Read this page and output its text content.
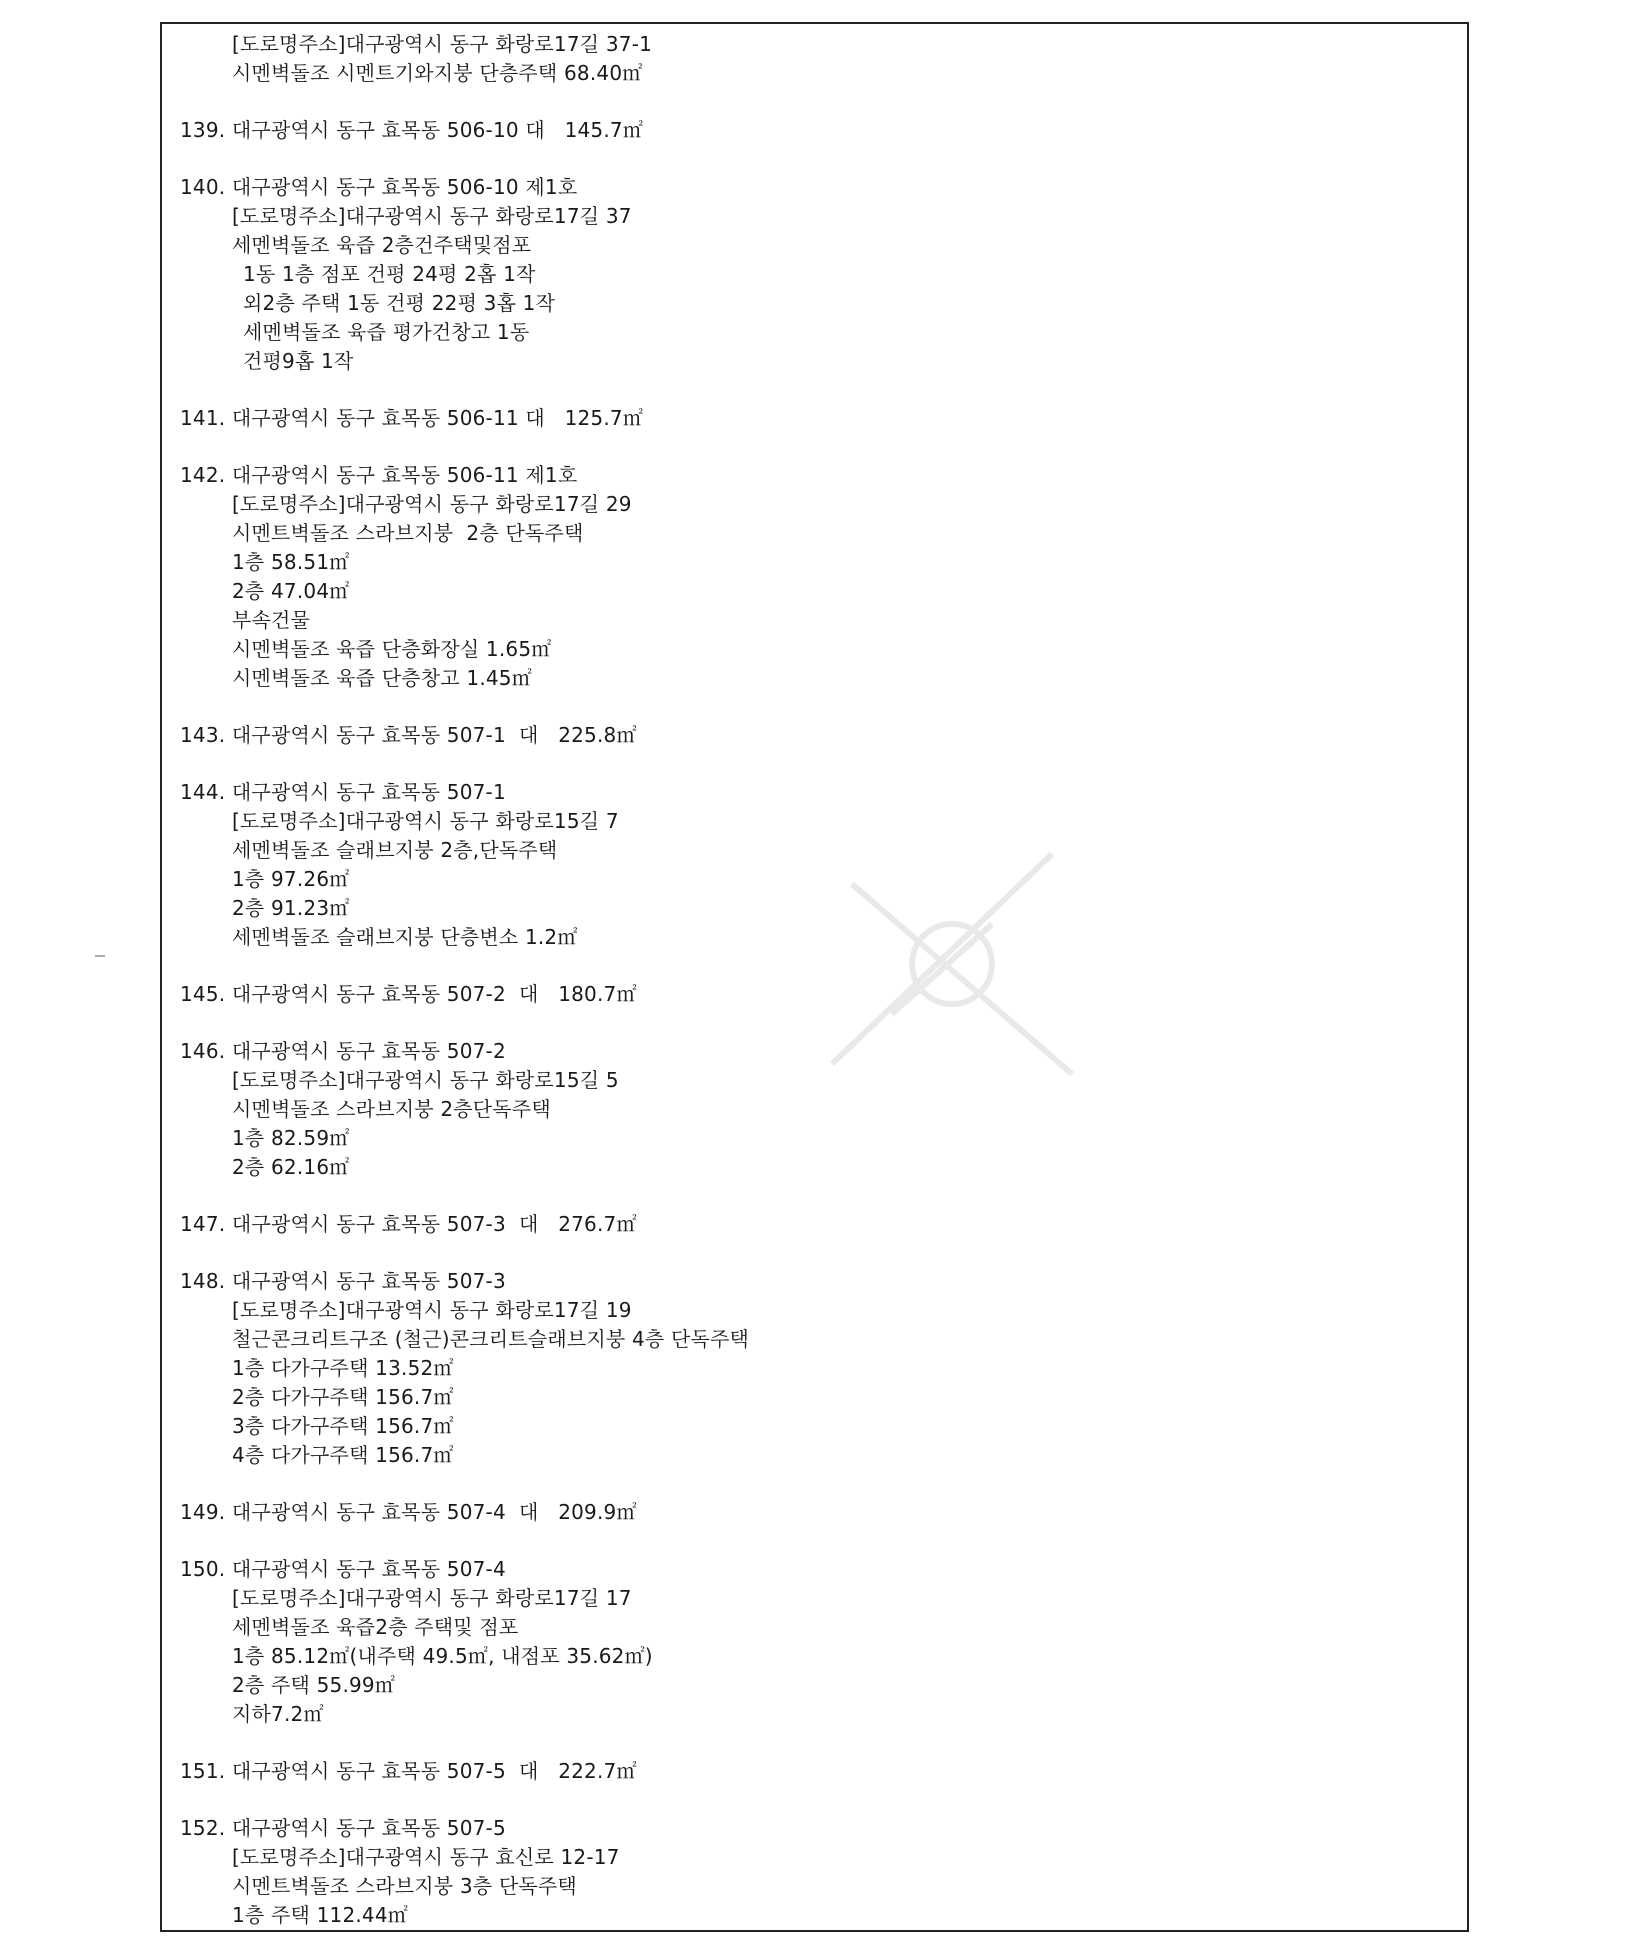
[도로명주소]대구광역시 동구 화랑로17길 37-1
시멘벽돌조 시멘트기와지붕 단층주택 68.40㎡
139. 대구광역시 동구 효목동 506-10 대   145.7㎡
140. 대구광역시 동구 효목동 506-10 제1호
[도로명주소]대구광역시 동구 화랑로17길 37
세멘벽돌조 육즙 2층건주택및점포
1동 1층 점포 건평 24평 2홉 1작
외2층 주택 1동 건평 22평 3홉 1작
세멘벽돌조 육즙 평가건창고 1동
건평9홉 1작
141. 대구광역시 동구 효목동 506-11 대   125.7㎡
142. 대구광역시 동구 효목동 506-11 제1호
[도로명주소]대구광역시 동구 화랑로17길 29
시멘트벽돌조 스라브지붕  2층 단독주택
1층 58.51㎡
2층 47.04㎡
부속건물
시멘벽돌조 육즙 단층화장실 1.65㎡
시멘벽돌조 육즙 단층창고 1.45㎡
143. 대구광역시 동구 효목동 507-1  대   225.8㎡
144. 대구광역시 동구 효목동 507-1
[도로명주소]대구광역시 동구 화랑로15길 7
세멘벽돌조 슬래브지붕 2층,단독주택
1층 97.26㎡
2층 91.23㎡
세멘벽돌조 슬래브지붕 단층변소 1.2㎡
145. 대구광역시 동구 효목동 507-2  대   180.7㎡
146. 대구광역시 동구 효목동 507-2
[도로명주소]대구광역시 동구 화랑로15길 5
시멘벽돌조 스라브지붕 2층단독주택
1층 82.59㎡
2층 62.16㎡
147. 대구광역시 동구 효목동 507-3  대   276.7㎡
148. 대구광역시 동구 효목동 507-3
[도로명주소]대구광역시 동구 화랑로17길 19
철근콘크리트구조 (철근)콘크리트슬래브지붕 4층 단독주택
1층 다가구주택 13.52㎡
2층 다가구주택 156.7㎡
3층 다가구주택 156.7㎡
4층 다가구주택 156.7㎡
149. 대구광역시 동구 효목동 507-4  대   209.9㎡
150. 대구광역시 동구 효목동 507-4
[도로명주소]대구광역시 동구 화랑로17길 17
세멘벽돌조 육즙2층 주택및 점포
1층 85.12㎡(내주택 49.5㎡, 내점포 35.62㎡)
2층 주택 55.99㎡
지하7.2㎡
151. 대구광역시 동구 효목동 507-5  대   222.7㎡
152. 대구광역시 동구 효목동 507-5
[도로명주소]대구광역시 동구 효신로 12-17
시멘트벽돌조 스라브지붕 3층 단독주택
1층 주택 112.44㎡
